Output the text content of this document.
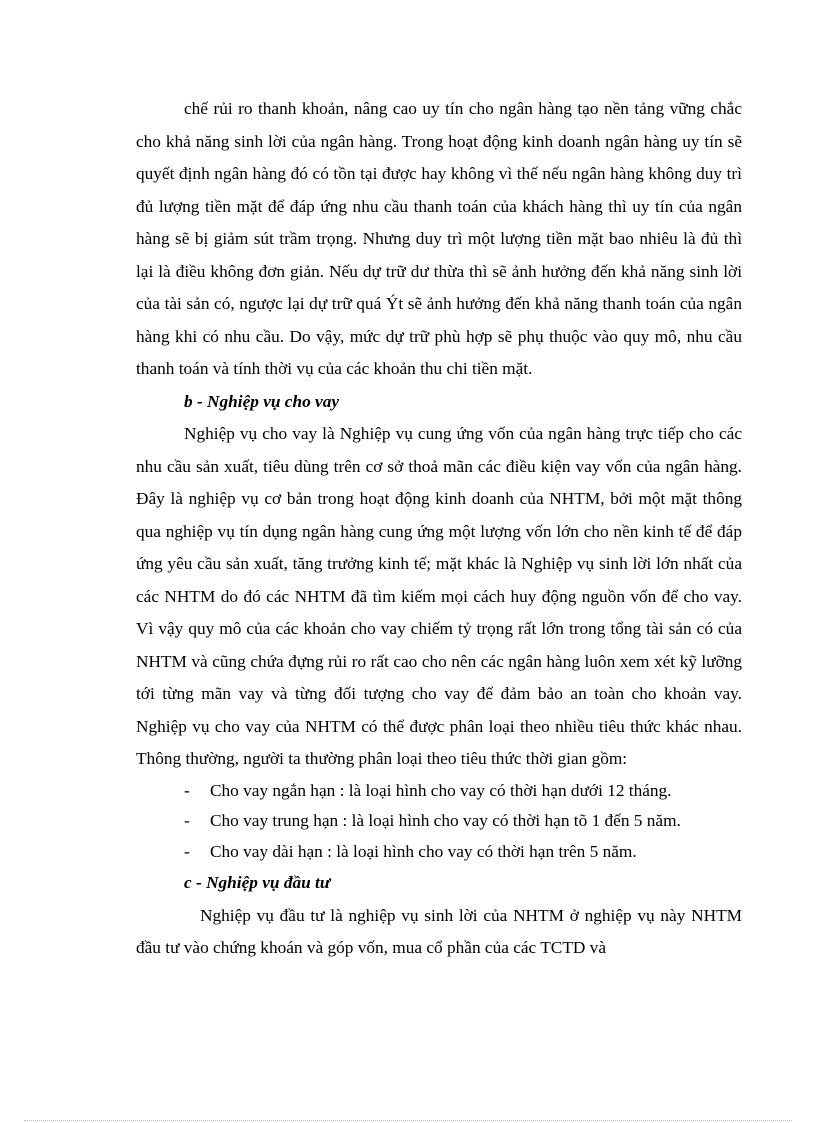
chế rủi ro thanh khoản, nâng cao uy tín cho ngân hàng tạo nền tảng vững chắc cho khả năng sinh lời của ngân hàng. Trong hoạt động kinh doanh ngân hàng uy tín sẽ quyết định ngân hàng đó có tồn tại được hay không vì thế nếu ngân hàng không duy trì đủ lượng tiền mặt để đáp ứng nhu cầu thanh toán của khách hàng thì uy tín của ngân hàng sẽ bị giảm sút trầm trọng. Nhưng duy trì một lượng tiền mặt bao nhiêu là đủ thì lại là điều không đơn giản. Nếu dự trữ dư thừa thì sẽ ảnh hưởng đến khả năng sinh lời của tài sản có, ngược lại dự trữ quá Ýt sẽ ảnh hưởng đến khả năng thanh toán của ngân hàng khi có nhu cầu. Do vậy, mức dự trữ phù hợp sẽ phụ thuộc vào quy mô, nhu cầu thanh toán và tính thời vụ của các khoản thu chi tiền mặt.

b - Nghiệp vụ cho vay

Nghiệp vụ cho vay là Nghiệp vụ cung ứng vốn của ngân hàng trực tiếp cho các nhu cầu sản xuất, tiêu dùng trên cơ sở thoả mãn các điều kiện vay vốn của ngân hàng. Đây là nghiệp vụ cơ bản trong hoạt động kinh doanh của NHTM, bởi một mặt thông qua nghiệp vụ tín dụng ngân hàng cung ứng một lượng vốn lớn cho nền kinh tế để đáp ứng yêu cầu sản xuất, tăng trưởng kinh tế; mặt khác là Nghiệp vụ sinh lời lớn nhất của các NHTM do đó các NHTM đã tìm kiếm mọi cách huy động nguồn vốn để cho vay. Vì vậy quy mô của các khoản cho vay chiếm tỷ trọng rất lớn trong tổng tài sản có của NHTM và cũng chứa đựng rủi ro rất cao cho nên các ngân hàng luôn xem xét kỹ lưỡng tới từng mãn vay và từng đối tượng cho vay để đảm bảo an toàn cho khoản vay. Nghiệp vụ cho vay của NHTM có thể được phân loại theo nhiều tiêu thức khác nhau. Thông thường, người ta thường phân loại theo tiêu thức thời gian gồm:

- Cho vay ngắn hạn : là loại hình cho vay có thời hạn dưới 12 tháng.
- Cho vay trung hạn : là loại hình cho vay có thời hạn tõ 1 đến 5 năm.
- Cho vay dài hạn : là loại hình cho vay có thời hạn trên 5 năm.

c - Nghiệp vụ đầu tư

Nghiệp vụ đầu tư là nghiệp vụ sinh lời của NHTM ở nghiệp vụ này NHTM đầu tư vào chứng khoán và góp vốn, mua cổ phần của các TCTD và
